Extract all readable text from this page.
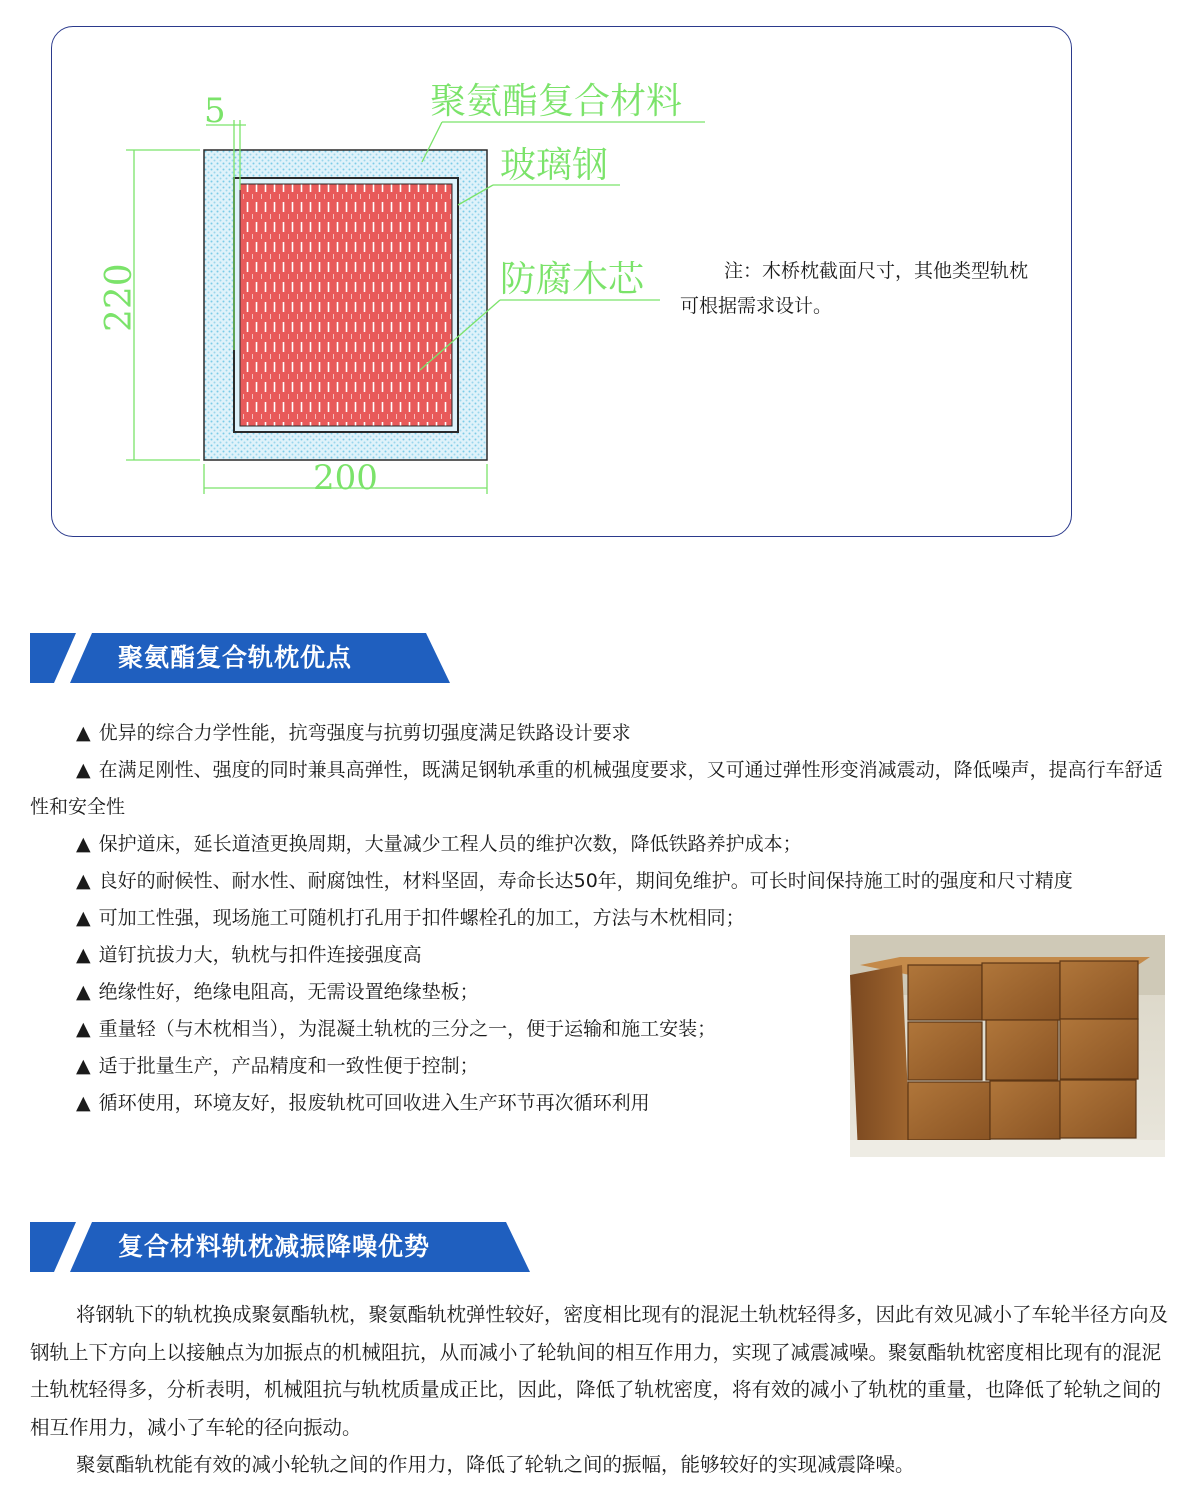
5
220
200
聚氨酯复合材料
玻璃钢
防腐木芯	注：木桥枕截面尺寸，其他类型轨枕可根据需求设计。
聚氨酯复合轨枕优点

▲ 优异的综合力学性能，抗弯强度与抗剪切强度满足铁路设计要求

▲ 在满足刚性、强度的同时兼具高弹性，既满足钢轨承重的机械强度要求，又可通过弹性形变消减震动，降低噪声，提高行车舒适性和安全性

▲ 保护道床，延长道渣更换周期，大量减少工程人员的维护次数，降低铁路养护成本；

▲ 良好的耐候性、耐水性、耐腐蚀性，材料坚固，寿命长达50年，期间免维护。可长时间保持施工时的强度和尺寸精度

▲ 可加工性强，现场施工可随机打孔用于扣件螺栓孔的加工，方法与木枕相同；

▲ 道钉抗拔力大，轨枕与扣件连接强度高

▲ 绝缘性好，绝缘电阻高，无需设置绝缘垫板；

▲ 重量轻（与木枕相当），为混凝土轨枕的三分之一，便于运输和施工安装；

▲ 适于批量生产，产品精度和一致性便于控制；

▲ 循环使用，环境友好，报废轨枕可回收进入生产环节再次循环利用

复合材料轨枕减振降噪优势

将钢轨下的轨枕换成聚氨酯轨枕，聚氨酯轨枕弹性较好，密度相比现有的混泥土轨枕轻得多，因此有效见减小了车轮半径方向及钢轨上下方向上以接触点为加振点的机械阻抗，从而减小了轮轨间的相互作用力，实现了减震减噪。聚氨酯轨枕密度相比现有的混泥土轨枕轻得多，分析表明，机械阻抗与轨枕质量成正比，因此，降低了轨枕密度，将有效的减小了轨枕的重量，也降低了轮轨之间的相互作用力，减小了车轮的径向振动。

聚氨酯轨枕能有效的减小轮轨之间的作用力，降低了轮轨之间的振幅，能够较好的实现减震降噪。
